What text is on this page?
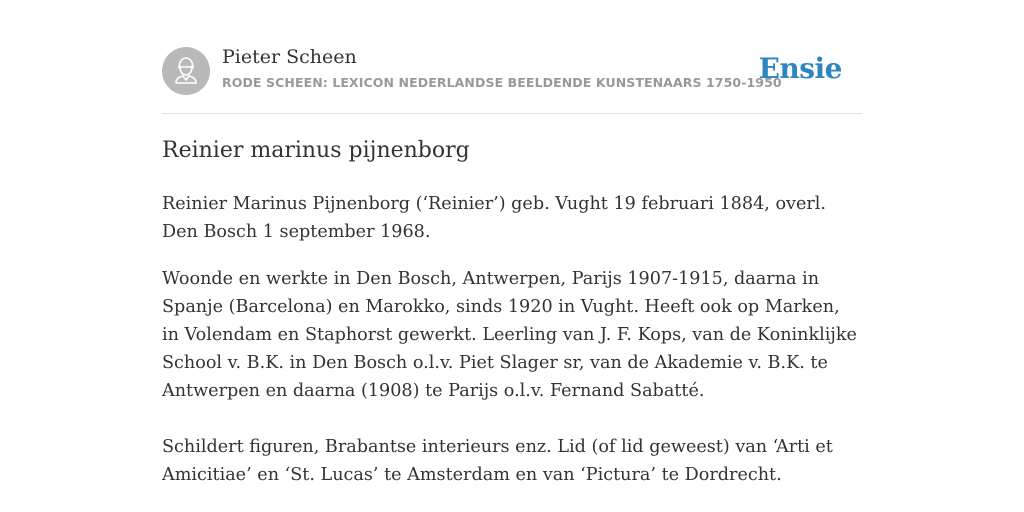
Pieter Scheen
RODE SCHEEN: LEXICON NEDERLANDSE BEELDENDE KUNSTENAARS 1750-1950
Ensie
Reinier marinus pijnenborg

Reinier Marinus Pijnenborg (‘Reinier’) geb. Vught 19 februari 1884, overl. Den Bosch 1 september 1968.

Woonde en werkte in Den Bosch, Antwerpen, Parijs 1907-1915, daarna in Spanje (Barcelona) en Marokko, sinds 1920 in Vught. Heeft ook op Marken, in Volendam en Staphorst gewerkt. Leerling van J. F. Kops, van de Koninklijke School v. B.K. in Den Bosch o.l.v. Piet Slager sr, van de Akademie v. B.K. te Antwerpen en daarna (1908) te Parijs o.l.v. Fernand Sabatté.

Schildert figuren, Brabantse interieurs enz. Lid (of lid geweest) van ‘Arti et Amicitiae’ en ‘St. Lucas’ te Amsterdam en van ‘Pictura’ te Dordrecht.
